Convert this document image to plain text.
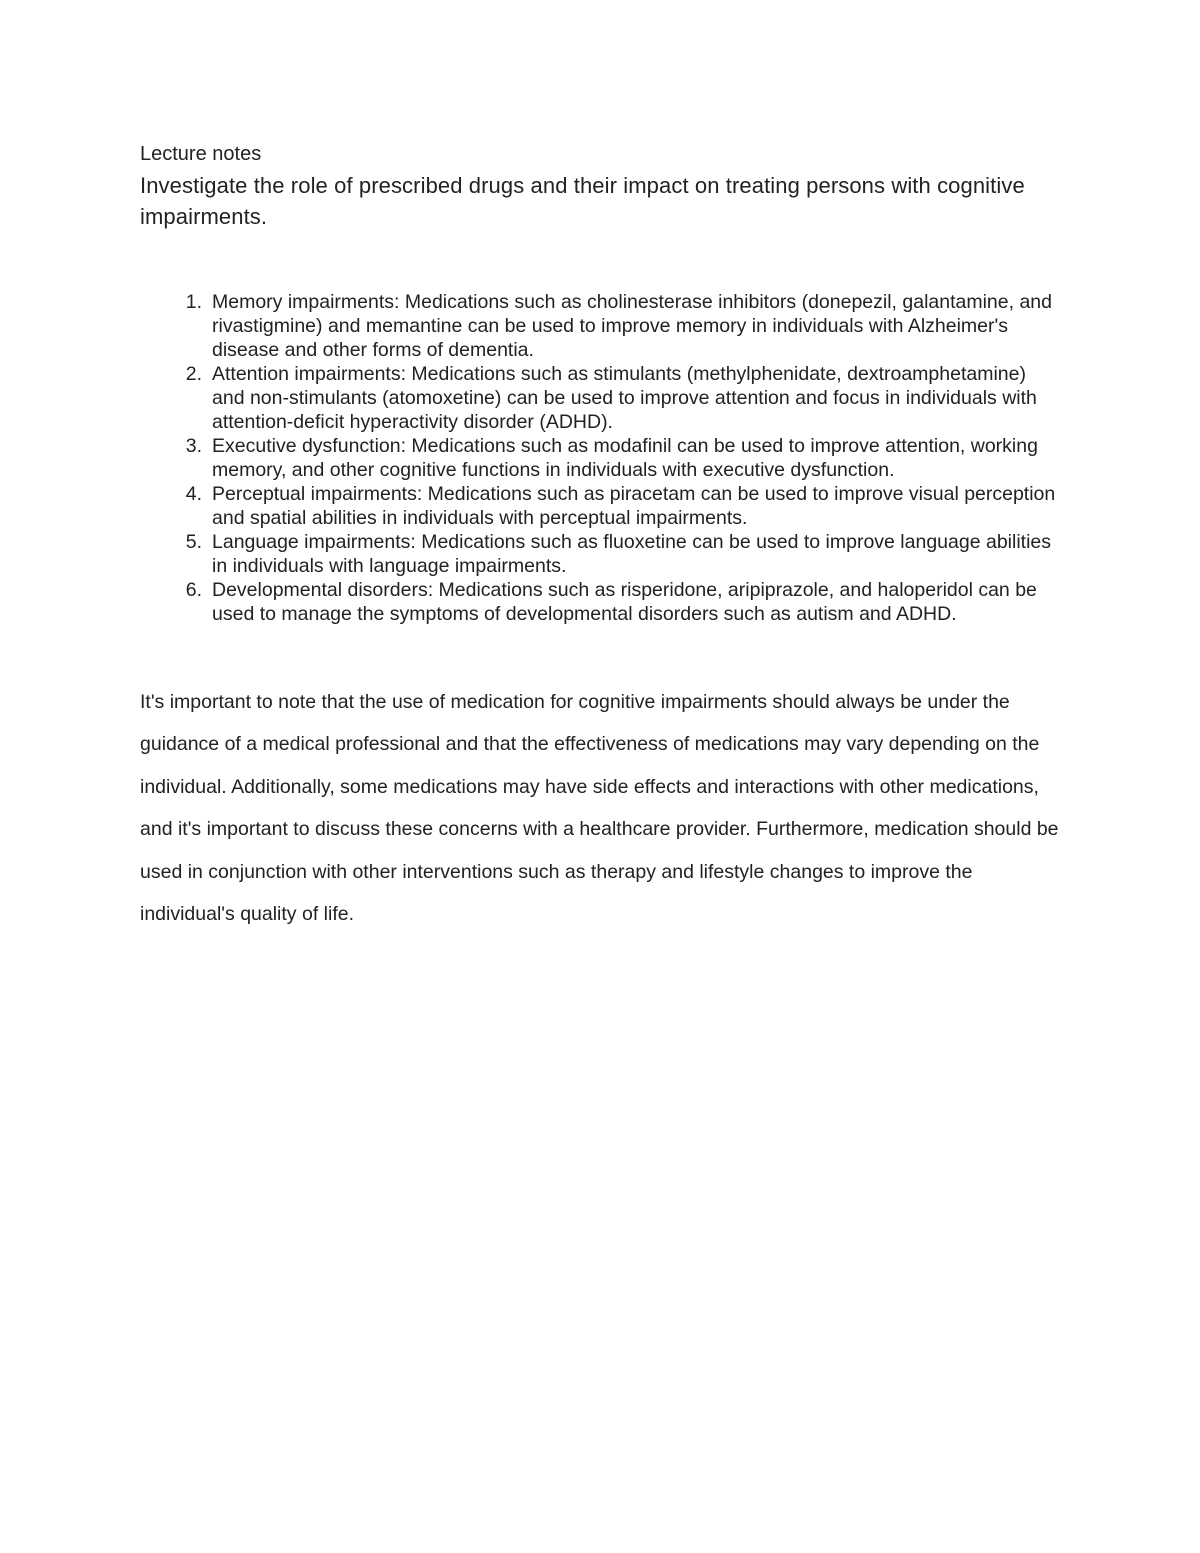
Lecture notes

Investigate the role of prescribed drugs and their impact on treating persons with cognitive impairments.
1. Memory impairments: Medications such as cholinesterase inhibitors (donepezil, galantamine, and rivastigmine) and memantine can be used to improve memory in individuals with Alzheimer's disease and other forms of dementia.
2. Attention impairments: Medications such as stimulants (methylphenidate, dextroamphetamine) and non-stimulants (atomoxetine) can be used to improve attention and focus in individuals with attention-deficit hyperactivity disorder (ADHD).
3. Executive dysfunction: Medications such as modafinil can be used to improve attention, working memory, and other cognitive functions in individuals with executive dysfunction.
4. Perceptual impairments: Medications such as piracetam can be used to improve visual perception and spatial abilities in individuals with perceptual impairments.
5. Language impairments: Medications such as fluoxetine can be used to improve language abilities in individuals with language impairments.
6. Developmental disorders: Medications such as risperidone, aripiprazole, and haloperidol can be used to manage the symptoms of developmental disorders such as autism and ADHD.

It's important to note that the use of medication for cognitive impairments should always be under the guidance of a medical professional and that the effectiveness of medications may vary depending on the individual. Additionally, some medications may have side effects and interactions with other medications, and it's important to discuss these concerns with a healthcare provider. Furthermore, medication should be used in conjunction with other interventions such as therapy and lifestyle changes to improve the individual's quality of life.
